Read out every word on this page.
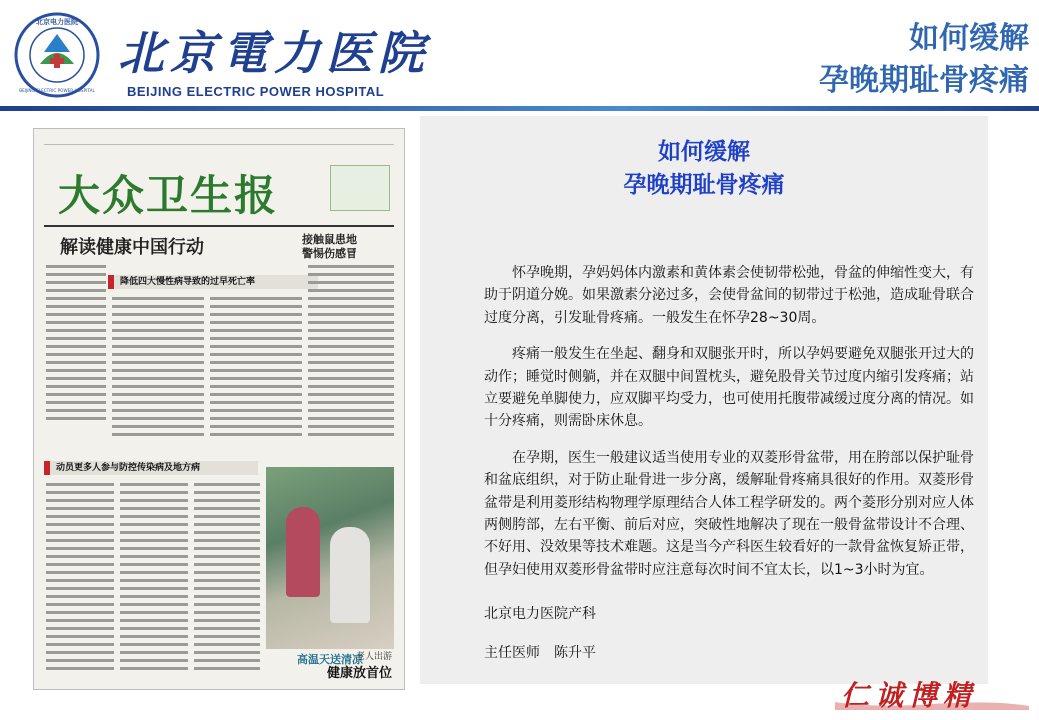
北京电力医院
BEIJING ELECTRIC POWER HOSPITAL
北京電力医院
BEIJING ELECTRIC POWER HOSPITAL
如何缓解
孕晚期耻骨疼痛
大众卫生报
解读健康中国行动	接触鼠患地
警惕伤感冒
降低四大慢性病导致的过早死亡率
动员更多人参与防控传染病及地方病
高温天送清凉
老人出游
健康放首位
如何缓解
孕晚期耻骨疼痛

怀孕晚期，孕妈妈体内激素和黄体素会使韧带松弛，骨盆的伸缩性变大，有助于阴道分娩。如果激素分泌过多，会使骨盆间的韧带过于松弛，造成耻骨联合过度分离，引发耻骨疼痛。一般发生在怀孕28~30周。

疼痛一般发生在坐起、翻身和双腿张开时，所以孕妈要避免双腿张开过大的动作；睡觉时侧躺，并在双腿中间置枕头，避免股骨关节过度内缩引发疼痛；站立要避免单脚使力，应双脚平均受力，也可使用托腹带减缓过度分离的情况。如十分疼痛，则需卧床休息。

在孕期，医生一般建议适当使用专业的双菱形骨盆带，用在胯部以保护耻骨和盆底组织，对于防止耻骨进一步分离，缓解耻骨疼痛具很好的作用。双菱形骨盆带是利用菱形结构物理学原理结合人体工程学研发的。两个菱形分别对应人体两侧胯部，左右平衡、前后对应，突破性地解决了现在一般骨盆带设计不合理、不好用、没效果等技术难题。这是当今产科医生较看好的一款骨盆恢复矫正带，但孕妇使用双菱形骨盆带时应注意每次时间不宜太长，以1~3小时为宜。

北京电力医院产科
主任医师　陈升平
仁诚博精
